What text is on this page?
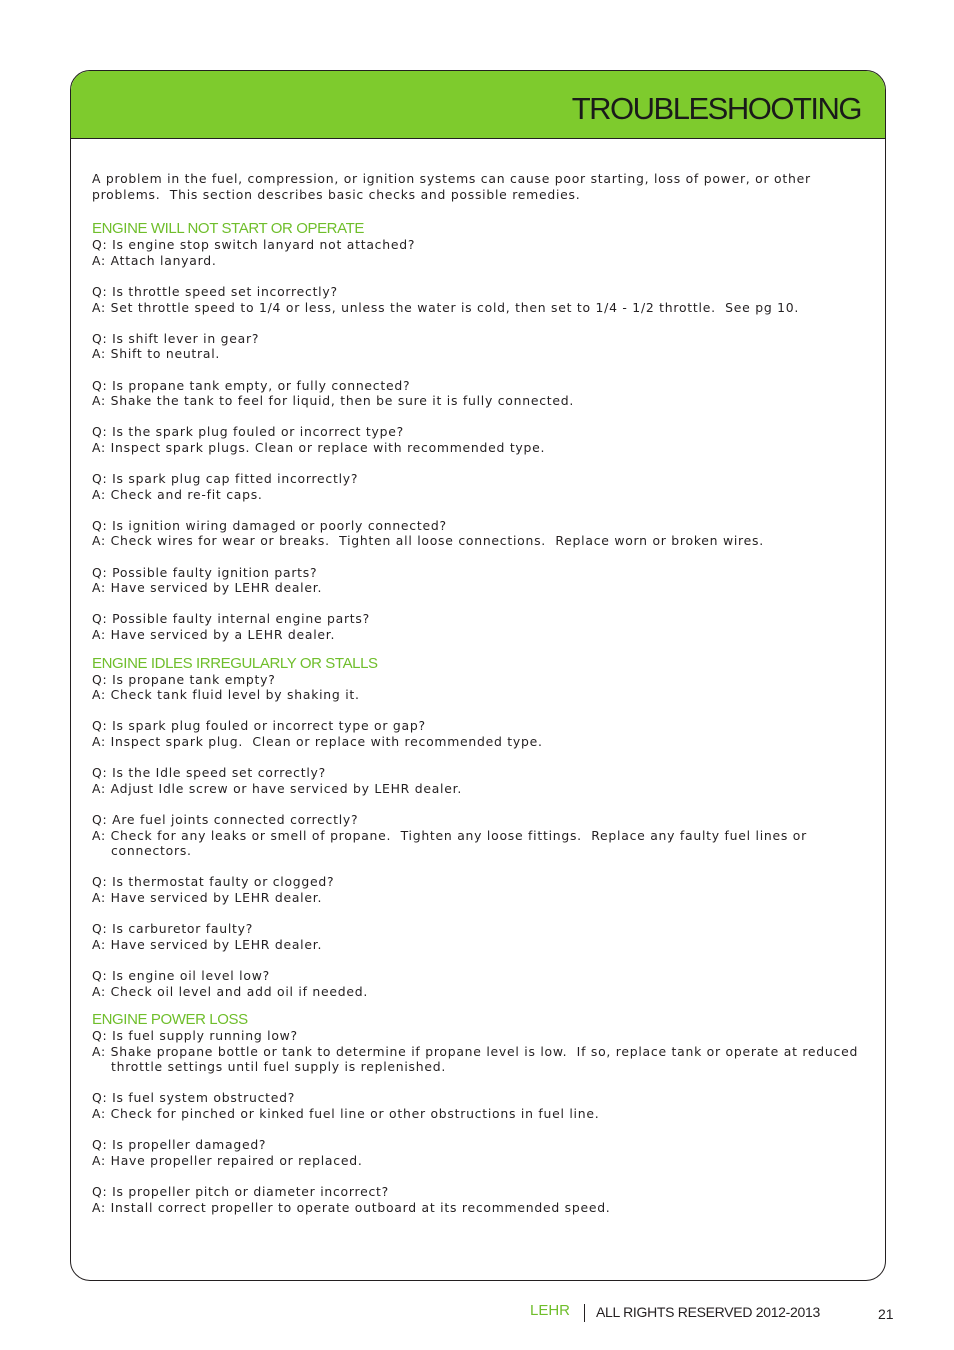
TROUBLESHOOTING

A problem in the fuel, compression, or ignition systems can cause poor starting, loss of power, or other
problems.  This section describes basic checks and possible remedies.

ENGINE WILL NOT START OR OPERATE

Q: Is engine stop switch lanyard not attached?

A: Attach lanyard.

Q: Is throttle speed set incorrectly?

A: Set throttle speed to 1/4 or less, unless the water is cold, then set to 1/4 - 1/2 throttle.  See pg 10.

Q: Is shift lever in gear?

A: Shift to neutral.

Q: Is propane tank empty, or fully connected?

A: Shake the tank to feel for liquid, then be sure it is fully connected.

Q: Is the spark plug fouled or incorrect type?

A: Inspect spark plugs. Clean or replace with recommended type.

Q: Is spark plug cap fitted incorrectly?

A: Check and re-fit caps.

Q: Is ignition wiring damaged or poorly connected?

A: Check wires for wear or breaks.  Tighten all loose connections.  Replace worn or broken wires.

Q: Possible faulty ignition parts?

A: Have serviced by LEHR dealer.

Q: Possible faulty internal engine parts?

A: Have serviced by a LEHR dealer.

ENGINE IDLES IRREGULARLY OR STALLS

Q: Is propane tank empty?

A: Check tank fluid level by shaking it.

Q: Is spark plug fouled or incorrect type or gap?

A: Inspect spark plug.  Clean or replace with recommended type.

Q: Is the Idle speed set correctly?

A: Adjust Idle screw or have serviced by LEHR dealer.

Q: Are fuel joints connected correctly?

A: Check for any leaks or smell of propane.  Tighten any loose fittings.  Replace any faulty fuel lines or
connectors.

Q: Is thermostat faulty or clogged?

A: Have serviced by LEHR dealer.

Q: Is carburetor faulty?

A: Have serviced by LEHR dealer.

Q: Is engine oil level low?

A: Check oil level and add oil if needed.

ENGINE POWER LOSS

Q: Is fuel supply running low?

A: Shake propane bottle or tank to determine if propane level is low.  If so, replace tank or operate at reduced
throttle settings until fuel supply is replenished.

Q: Is fuel system obstructed?

A: Check for pinched or kinked fuel line or other obstructions in fuel line.

Q: Is propeller damaged?

A: Have propeller repaired or replaced.

Q: Is propeller pitch or diameter incorrect?

A: Install correct propeller to operate outboard at its recommended speed.

LEHR ALL RIGHTS RESERVED 2012-2013	21
